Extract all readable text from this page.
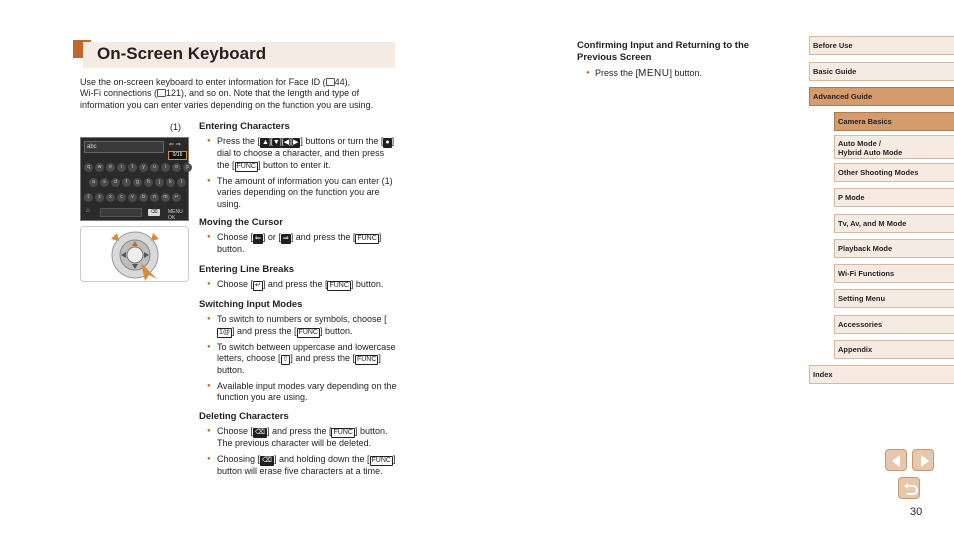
On-Screen Keyboard

Use the on-screen keyboard to enter information for Face ID ( 44),
Wi-Fi connections ( 121), and so on. Note that the length and type of information you can enter varies depending on the function you are using.

(1)
abc	⇐ ⇒
0/16
q	w	e	r	t	y	u	i	o	p
a	s	d	f	g	h	j	k	l
⇧	z	x	c	v	b	n	m	↵
⌂	⌫	MENU OK
Entering Characters
● Press the [ ▲][▼][◀][▶ ] buttons or turn the [ ● ] dial to choose a character, and then press the [ FUNC ] button to enter it.
● The amount of information you can enter (1) varies depending on the function you are using.
Moving the Cursor
● Choose [ ⇐ ] or [ ⇒ ] and press the [ FUNC ] button.
Entering Line Breaks
● Choose [ ↵ ] and press the [ FUNC ] button.
Switching Input Modes
● To switch to numbers or symbols, choose [1@ ] and press the [ FUNC ] button.
● To switch between uppercase and lowercase letters, choose [ ⇧ ] and press the [ FUNC ] button.
● Available input modes vary depending on the function you are using.
Deleting Characters
● Choose [ ⌫ ] and press the [ FUNC ] button. The previous character will be deleted.
● Choosing [ ⌫ ] and holding down the [ FUNC ] button will erase five characters at a time.
Confirming Input and Returning to the Previous Screen
● Press the [MENU] button.
Before Use
Basic Guide
Advanced Guide
Camera Basics
Auto Mode /
Hybrid Auto Mode
Other Shooting Modes
P Mode
Tv, Av, and M Mode
Playback Mode
Wi-Fi Functions
Setting Menu
Accessories
Appendix
Index
30
